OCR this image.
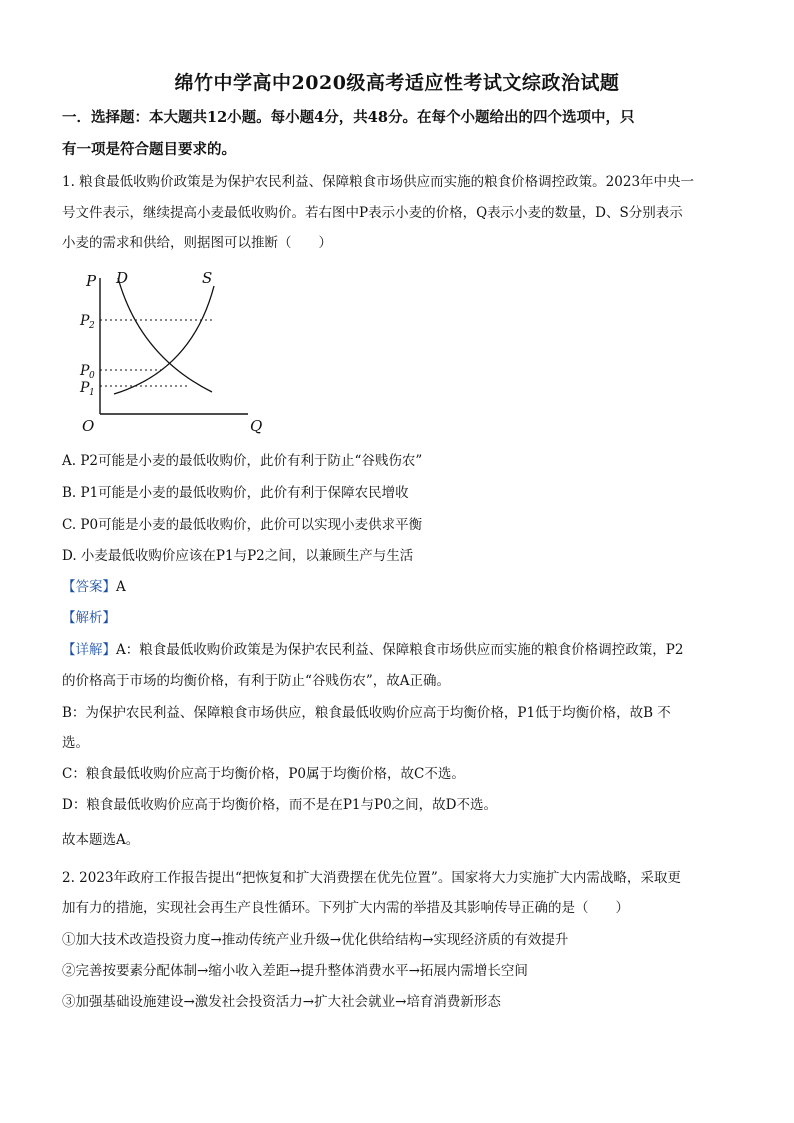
绵竹中学高中2020级高考适应性考试文综政治试题
一．选择题：本大题共12小题。每小题4分，共48分。在每个小题给出的四个选项中，只
有一项是符合题目要求的。
1. 粮食最低收购价政策是为保护农民利益、保障粮食市场供应而实施的粮食价格调控政策。2023年中央一
号文件表示，继续提高小麦最低收购价。若右图中P表示小麦的价格，Q表示小麦的数量，D、S分别表示
小麦的需求和供给，则据图可以推断（　　）
P D	S
P 2
P 0
P 1
O	Q
A. P2可能是小麦的最低收购价，此价有利于防止“谷贱伤农”
B. P1可能是小麦的最低收购价，此价有利于保障农民增收
C. P0可能是小麦的最低收购价，此价可以实现小麦供求平衡
D. 小麦最低收购价应该在P1与P2之间，以兼顾生产与生活
【答案】A
【解析】
【详解】A：粮食最低收购价政策是为保护农民利益、保障粮食市场供应而实施的粮食价格调控政策，P2
的价格高于市场的均衡价格，有利于防止“谷贱伤农”，故A正确。
B：为保护农民利益、保障粮食市场供应，粮食最低收购价应高于均衡价格，P1低于均衡价格，故B 不
选。
C：粮食最低收购价应高于均衡价格，P0属于均衡价格，故C不选。
D：粮食最低收购价应高于均衡价格，而不是在P1与P0之间，故D不选。
故本题选A。
2. 2023年政府工作报告提出“把恢复和扩大消费摆在优先位置”。国家将大力实施扩大内需战略，采取更
加有力的措施，实现社会再生产良性循环。下列扩大内需的举措及其影响传导正确的是（　　）
①加大技术改造投资力度→推动传统产业升级→优化供给结构→实现经济质的有效提升
②完善按要素分配体制→缩小收入差距→提升整体消费水平→拓展内需增长空间
③加强基础设施建设→激发社会投资活力→扩大社会就业→培育消费新形态
